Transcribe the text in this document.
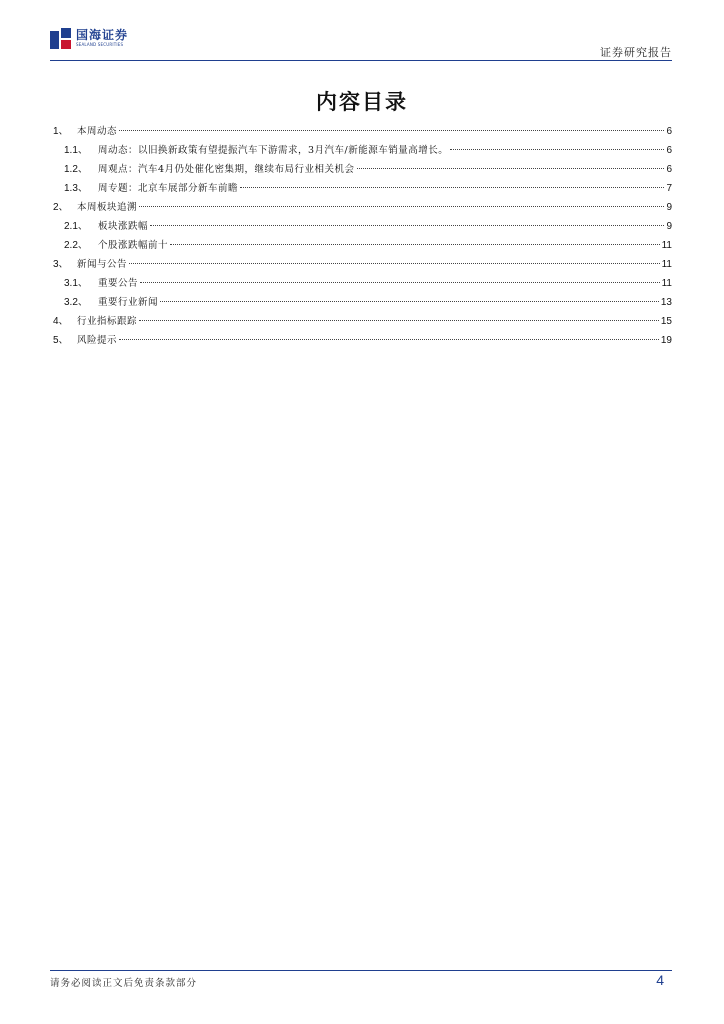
国海证券
SEALAND SECURITIES
证券研究报告
内容目录
1、 本周动态	6
1.1、	周动态：以旧换新政策有望提振汽车下游需求，3月汽车/新能源车销量高增长。	6
1.2、	周观点：汽车4月仍处催化密集期，继续布局行业相关机会	6
1.3、	周专题：北京车展部分新车前瞻	7
2、 本周板块追溯	9
2.1、	板块涨跌幅	9
2.2、	个股涨跌幅前十	11
3、 新闻与公告	11
3.1、	重要公告	11
3.2、	重要行业新闻	13
4、 行业指标跟踪	15
5、 风险提示	19
请务必阅读正文后免责条款部分	4
